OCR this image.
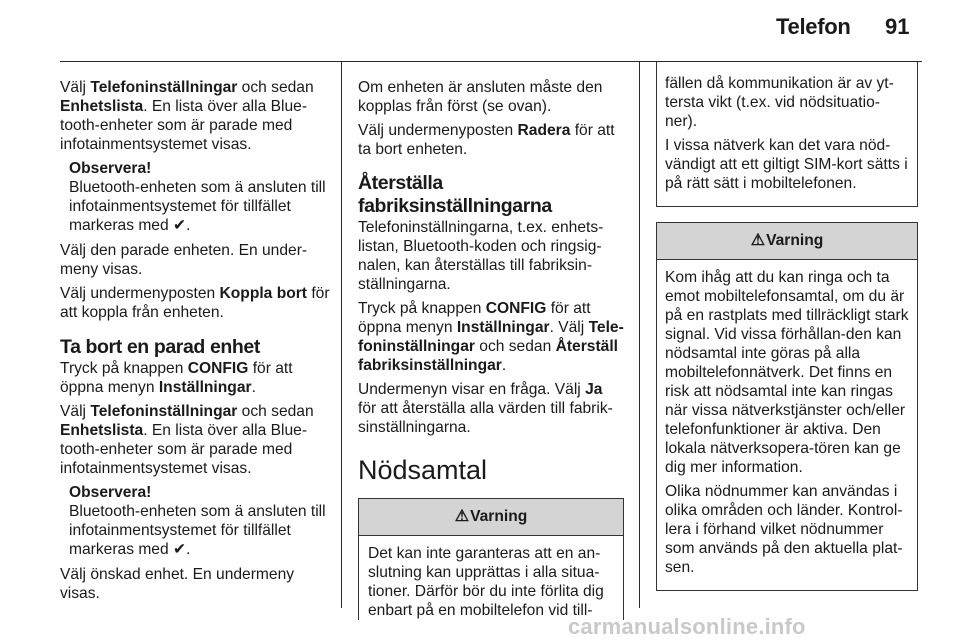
Telefon 91

Välj Telefoninställningar och sedan Enhetslista. En lista över alla Blue-tooth-enheter som är parade med infotainmentsystemet visas.

Observera!
Bluetooth-enheten som ä ansluten till infotainmentsystemet för tillfället markeras med ✔.

Välj den parade enheten. En under-meny visas.

Välj undermenyposten Koppla bort för att koppla från enheten.

Ta bort en parad enhet

Tryck på knappen CONFIG för att öppna menyn Inställningar.

Välj Telefoninställningar och sedan Enhetslista. En lista över alla Blue-tooth-enheter som är parade med infotainmentsystemet visas.

Observera!
Bluetooth-enheten som ä ansluten till infotainmentsystemet för tillfället markeras med ✔.

Välj önskad enhet. En undermeny visas.

Om enheten är ansluten måste den kopplas från först (se ovan).

Välj undermenyposten Radera för att ta bort enheten.

Återställa fabriksinställningarna

Telefoninställningarna, t.ex. enhets-listan, Bluetooth-koden och ringsig-nalen, kan återställas till fabriksin-ställningarna.

Tryck på knappen CONFIG för att öppna menyn Inställningar. Välj Tele-foninställningar och sedan Återställ fabriksinställningar.

Undermenyn visar en fråga. Välj Ja för att återställa alla värden till fabrik-sinställningarna.

Nödsamtal
⚠Varning

Det kan inte garanteras att en an-slutning kan upprättas i alla situa-tioner. Därför bör du inte förlita dig enbart på en mobiltelefon vid till-

fällen då kommunikation är av yt-tersta vikt (t.ex. vid nödsituatio-ner).

I vissa nätverk kan det vara nöd-vändigt att ett giltigt SIM-kort sätts i på rätt sätt i mobiltelefonen.

⚠Varning

Kom ihåg att du kan ringa och ta emot mobiltelefonsamtal, om du är på en rastplats med tillräckligt stark signal. Vid vissa förhållan-den kan nödsamtal inte göras på alla mobiltelefonnätverk. Det finns en risk att nödsamtal inte kan ringas när vissa nätverkstjänster och/eller telefonfunktioner är aktiva. Den lokala nätverksopera-tören kan ge dig mer information.

Olika nödnummer kan användas i olika områden och länder. Kontrol-lera i förhand vilket nödnummer som används på den aktuella plat-sen.

carmanualsonline.info
